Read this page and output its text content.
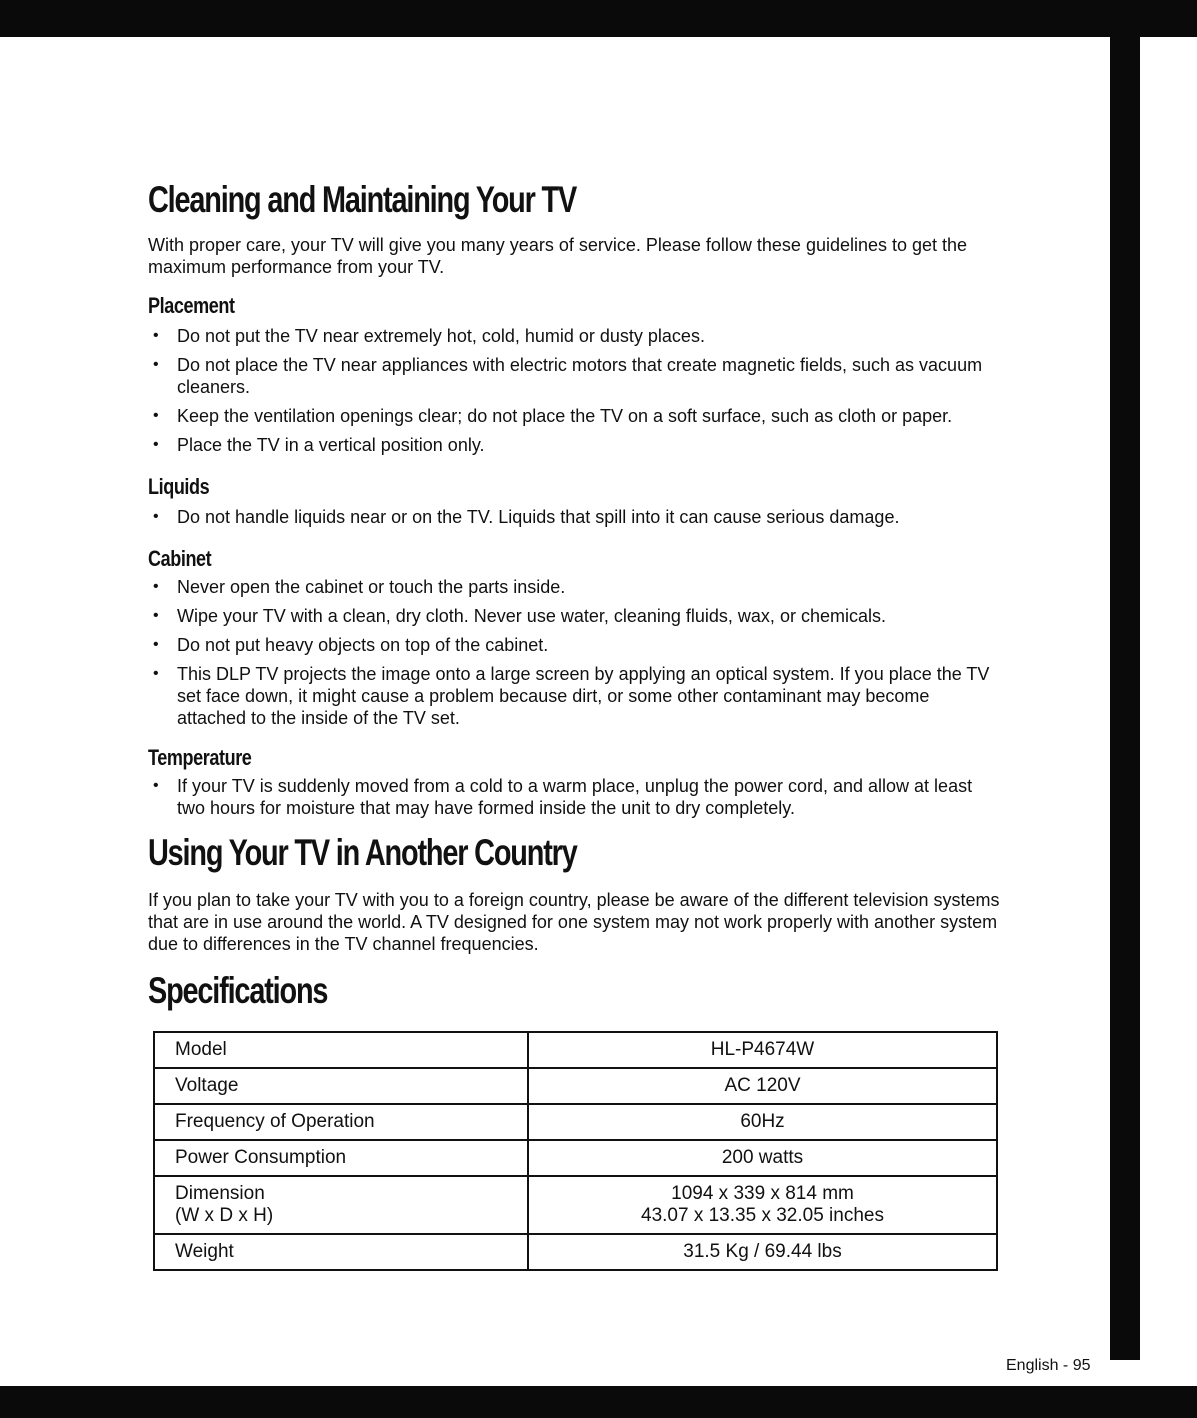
Cleaning and Maintaining Your TV

With proper care, your TV will give you many years of service. Please follow these guidelines to get the maximum performance from your TV.

Placement
• Do not put the TV near extremely hot, cold, humid or dusty places.
• Do not place the TV near appliances with electric motors that create magnetic fields, such as vacuum cleaners.
• Keep the ventilation openings clear; do not place the TV on a soft surface, such as cloth or paper.
• Place the TV in a vertical position only.
Liquids
• Do not handle liquids near or on the TV. Liquids that spill into it can cause serious damage.
Cabinet
• Never open the cabinet or touch the parts inside.
• Wipe your TV with a clean, dry cloth. Never use water, cleaning fluids, wax, or chemicals.
• Do not put heavy objects on top of the cabinet.
• This DLP TV projects the image onto a large screen by applying an optical system. If you place the TV set face down, it might cause a problem because dirt, or some other contaminant may become attached to the inside of the TV set.
Temperature
• If your TV is suddenly moved from a cold to a warm place, unplug the power cord, and allow at least two hours for moisture that may have formed inside the unit to dry completely.
Using Your TV in Another Country

If you plan to take your TV with you to a foreign country, please be aware of the different television systems that are in use around the world. A TV designed for one system may not work properly with another system due to differences in the TV channel frequencies.

Specifications
Model	HL-P4674W
Voltage	AC 120V
Frequency of Operation	60Hz
Power Consumption	200 watts
Dimension
(W x D x H)	1094 x 339 x 814 mm
43.07 x 13.35 x 32.05 inches
Weight	31.5 Kg / 69.44 lbs
English - 95
